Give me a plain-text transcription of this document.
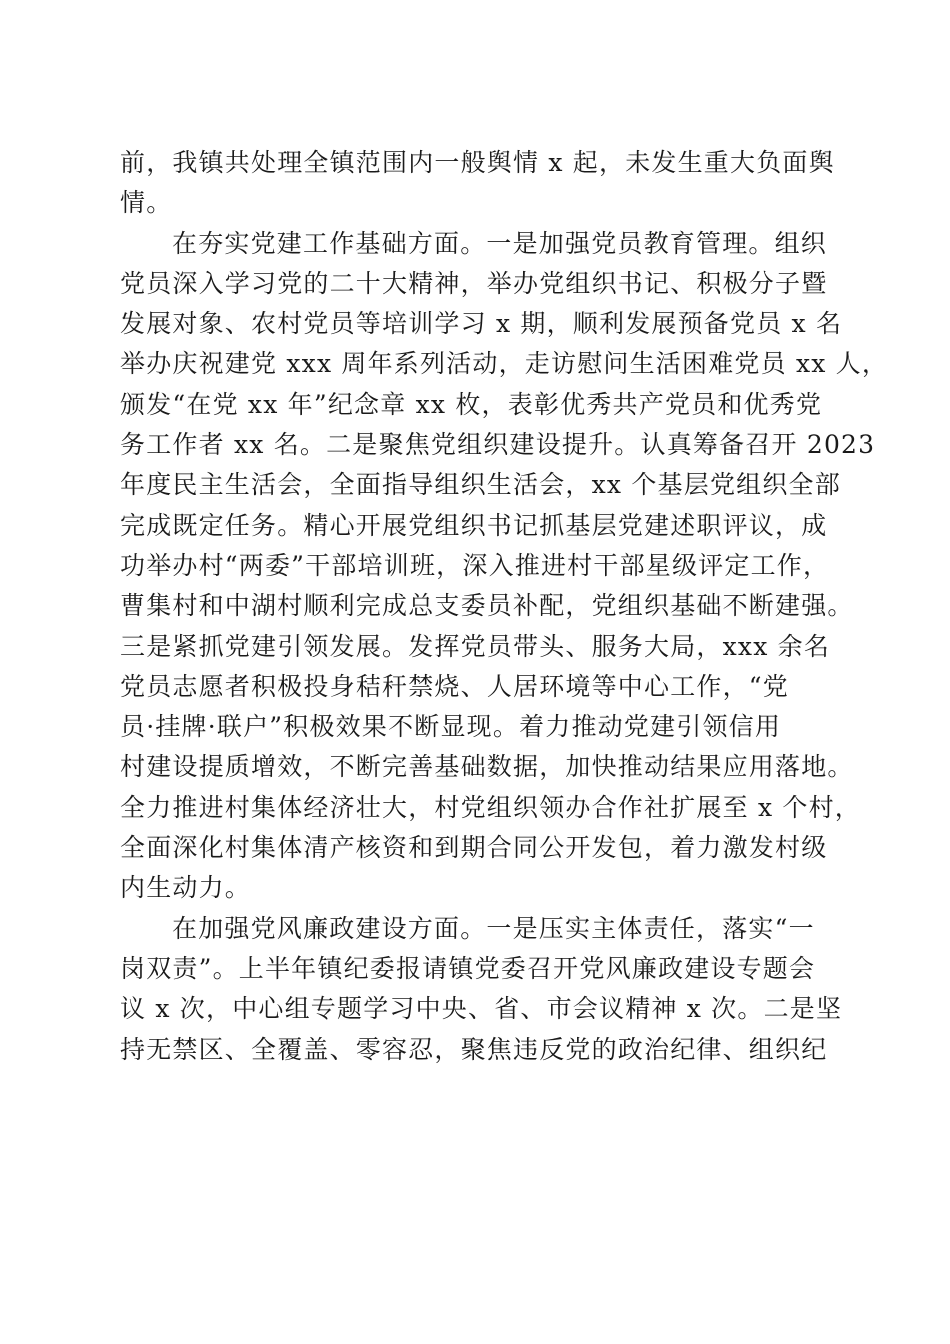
前，我镇共处理全镇范围内一般舆情 x 起，未发生重大负面舆
情。
在夯实党建工作基础方面。一是加强党员教育管理。组织
党员深入学习党的二十大精神，举办党组织书记、积极分子暨
发展对象、农村党员等培训学习 x 期，顺利发展预备党员 x 名
举办庆祝建党 xxx 周年系列活动，走访慰问生活困难党员 xx 人，
颁发“在党 xx 年”纪念章 xx 枚，表彰优秀共产党员和优秀党
务工作者 xx 名。二是聚焦党组织建设提升。认真筹备召开 2023
年度民主生活会，全面指导组织生活会，xx 个基层党组织全部
完成既定任务。精心开展党组织书记抓基层党建述职评议，成
功举办村“两委”干部培训班，深入推进村干部星级评定工作，
曹集村和中湖村顺利完成总支委员补配，党组织基础不断建强。
三是紧抓党建引领发展。发挥党员带头、服务大局，xxx 余名
党员志愿者积极投身秸秆禁烧、人居环境等中心工作，“党
员·挂牌·联户”积极效果不断显现。着力推动党建引领信用
村建设提质增效，不断完善基础数据，加快推动结果应用落地。
全力推进村集体经济壮大，村党组织领办合作社扩展至 x 个村，
全面深化村集体清产核资和到期合同公开发包，着力激发村级
内生动力。
在加强党风廉政建设方面。一是压实主体责任，落实“一
岗双责”。上半年镇纪委报请镇党委召开党风廉政建设专题会
议 x 次，中心组专题学习中央、省、市会议精神 x 次。二是坚
持无禁区、全覆盖、零容忍，聚焦违反党的政治纪律、组织纪
